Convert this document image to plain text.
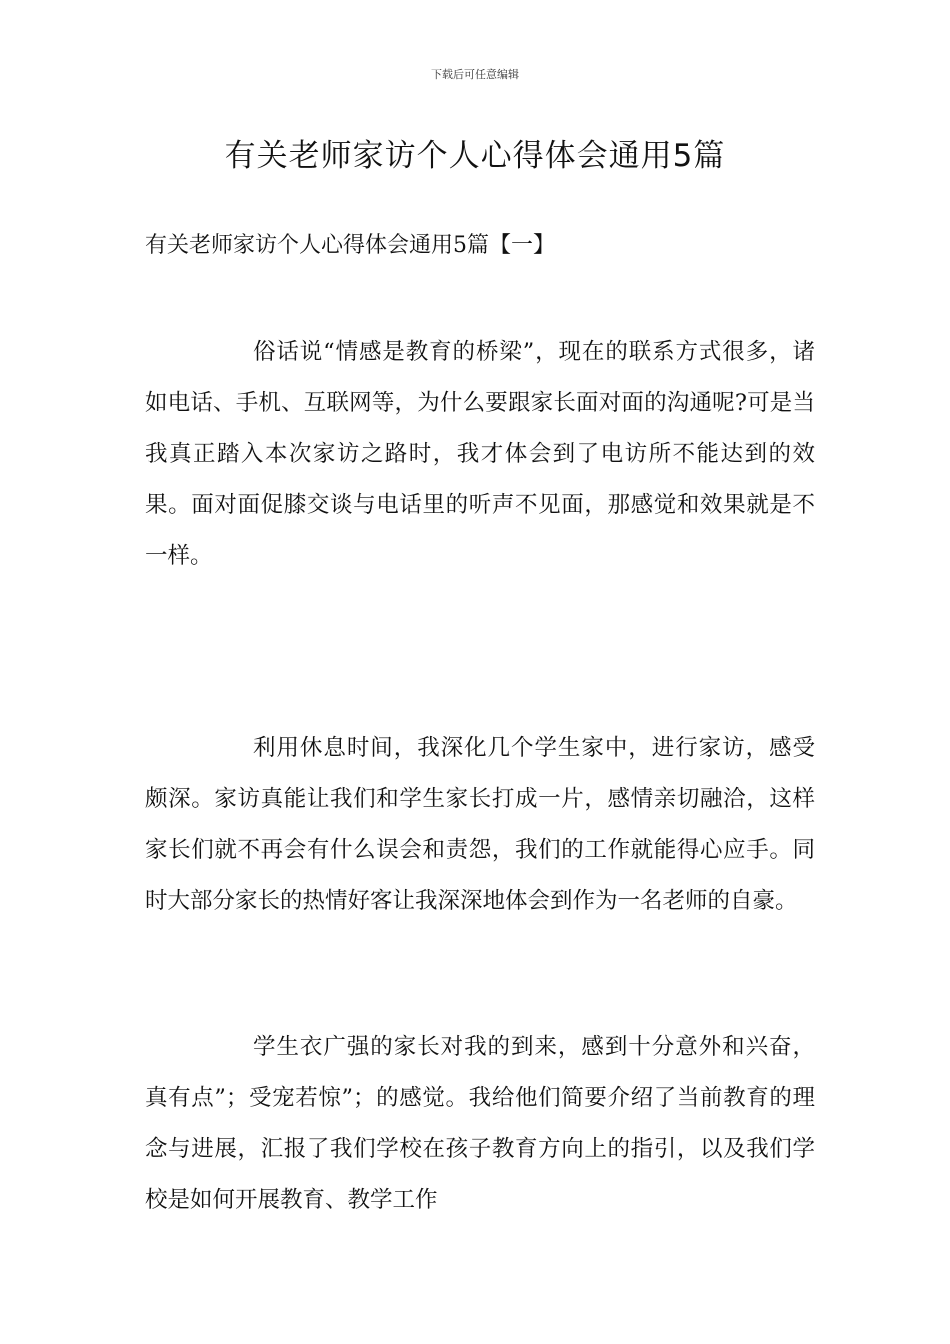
下载后可任意编辑
有关老师家访个人心得体会通用5篇
有关老师家访个人心得体会通用5篇【一】

俗话说“情感是教育的桥梁”，现在的联系方式很多，诸如电话、手机、互联网等，为什么要跟家长面对面的沟通呢?可是当我真正踏入本次家访之路时，我才体会到了电访所不能达到的效果。面对面促膝交谈与电话里的听声不见面，那感觉和效果就是不一样。

利用休息时间，我深化几个学生家中，进行家访，感受颇深。家访真能让我们和学生家长打成一片，感情亲切融洽，这样家长们就不再会有什么误会和责怨，我们的工作就能得心应手。同时大部分家长的热情好客让我深深地体会到作为一名老师的自豪。

学生衣广强的家长对我的到来，感到十分意外和兴奋，真有点”；受宠若惊”；的感觉。我给他们简要介绍了当前教育的理念与进展，汇报了我们学校在孩子教育方向上的指引，以及我们学校是如何开展教育、教学工作
